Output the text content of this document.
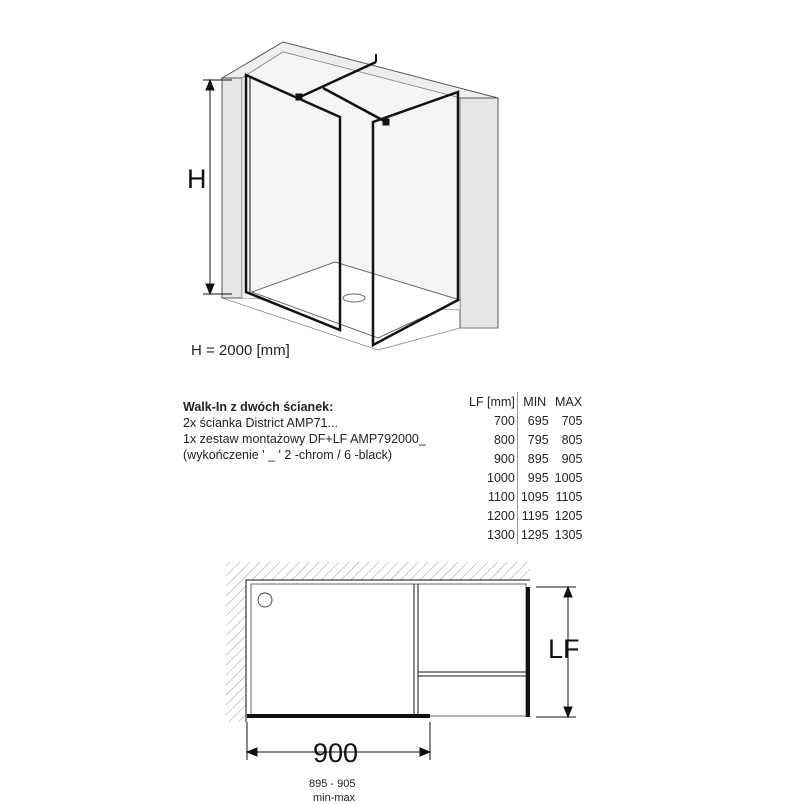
H
H = 2000 [mm]
Walk-In z dwóch ścianek:
2x ścianka District AMP71...
1x zestaw montażowy DF+LF AMP792000_
(wykończenie ' _ ' 2 -chrom / 6 -black)
LF [mm]	MIN	MAX
700	695	705
800	795	805
900	895	905
1000	995	1005
1100	1095	1105
1200	1195	1205
1300	1295	1305
LF
900
895 - 905
min-max
